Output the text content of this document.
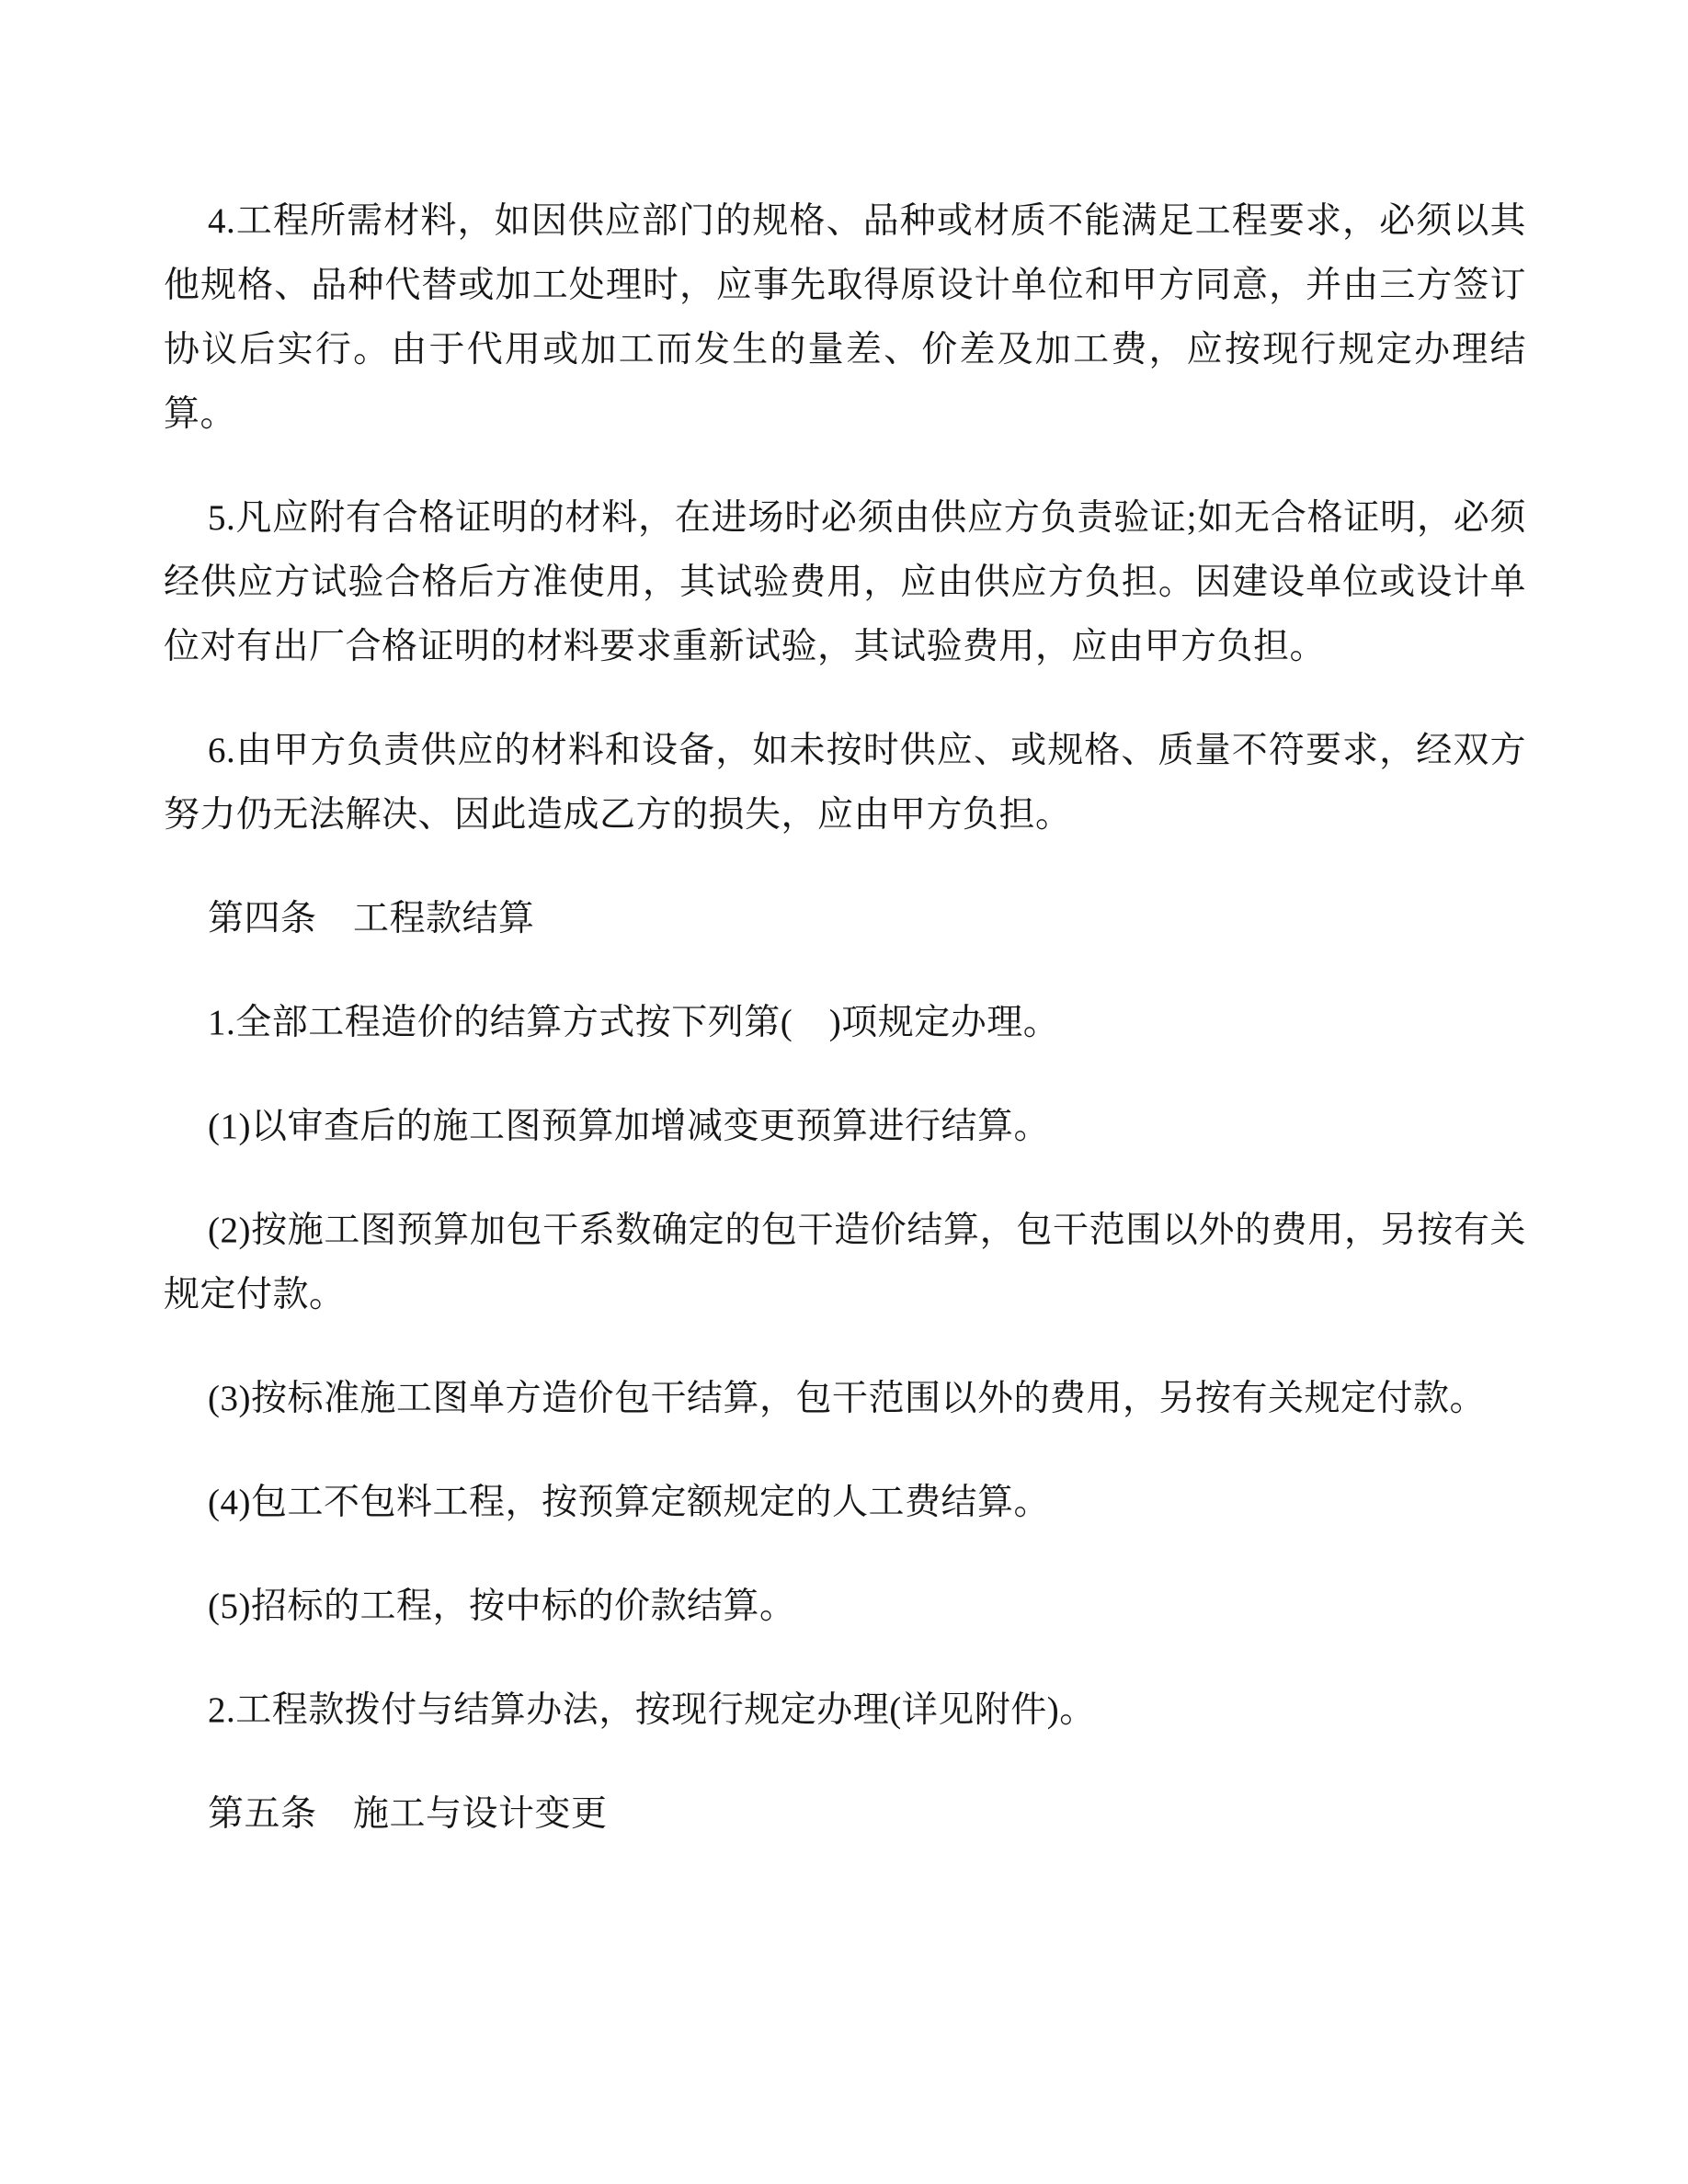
4.工程所需材料，如因供应部门的规格、品种或材质不能满足工程要求，必须以其他规格、品种代替或加工处理时，应事先取得原设计单位和甲方同意，并由三方签订协议后实行。由于代用或加工而发生的量差、价差及加工费，应按现行规定办理结算。

5.凡应附有合格证明的材料，在进场时必须由供应方负责验证;如无合格证明，必须经供应方试验合格后方准使用，其试验费用，应由供应方负担。因建设单位或设计单位对有出厂合格证明的材料要求重新试验，其试验费用，应由甲方负担。

6.由甲方负责供应的材料和设备，如未按时供应、或规格、质量不符要求，经双方努力仍无法解决、因此造成乙方的损失，应由甲方负担。

第四条　工程款结算

1.全部工程造价的结算方式按下列第(　)项规定办理。

(1)以审查后的施工图预算加增减变更预算进行结算。

(2)按施工图预算加包干系数确定的包干造价结算，包干范围以外的费用，另按有关规定付款。

(3)按标准施工图单方造价包干结算，包干范围以外的费用，另按有关规定付款。

(4)包工不包料工程，按预算定额规定的人工费结算。

(5)招标的工程，按中标的价款结算。

2.工程款拨付与结算办法，按现行规定办理(详见附件)。

第五条　施工与设计变更
